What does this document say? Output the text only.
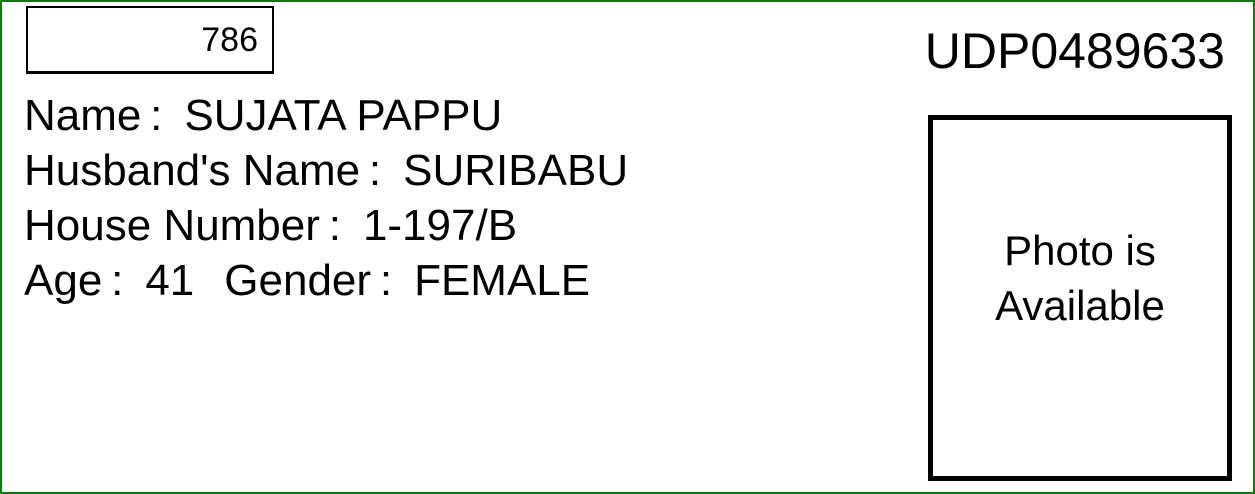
786	UDP0489633
Name : SUJATA PAPPU
Husband's Name : SURIBABU
House Number : 1-197/B
Age : 41 Gender : FEMALE
Photo is
Available
